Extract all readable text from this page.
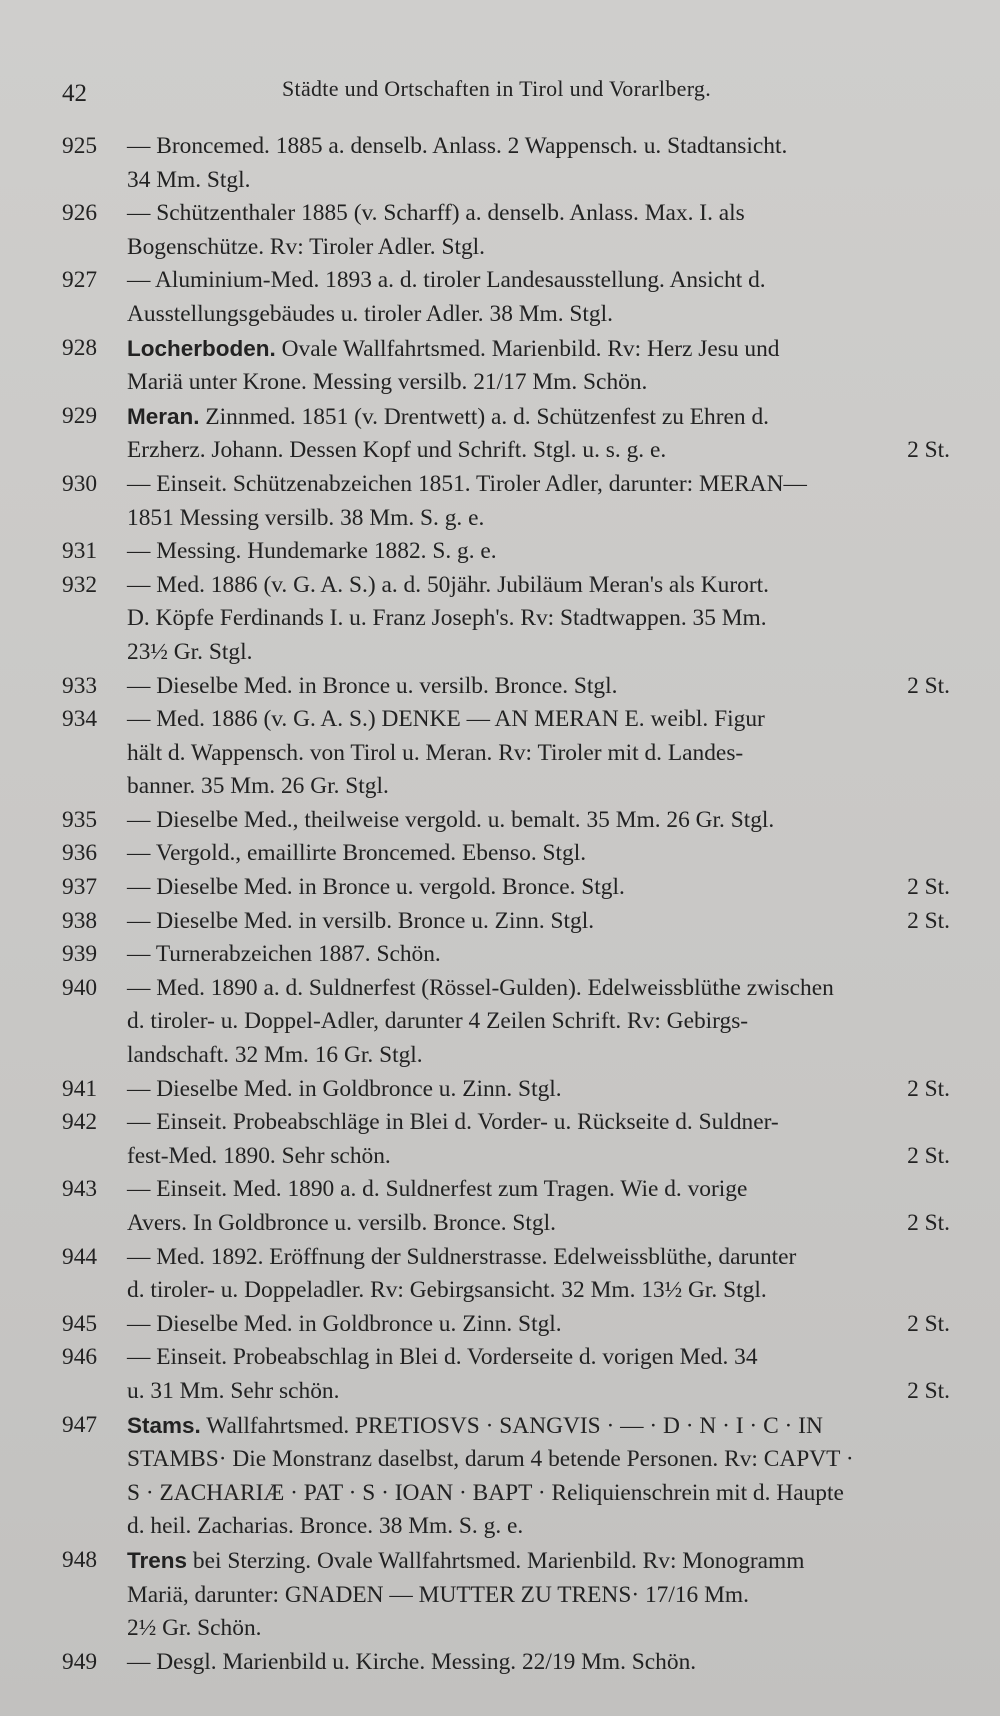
42	Städte und Ortschaften in Tirol und Vorarlberg.
925	— Broncemed. 1885 a. denselb. Anlass. 2 Wappensch. u. Stadtansicht.
34 Mm. Stgl.
926	— Schützenthaler 1885 (v. Scharff) a. denselb. Anlass. Max. I. als
Bogenschütze. Rv: Tiroler Adler. Stgl.
927	— Aluminium-Med. 1893 a. d. tiroler Landesausstellung. Ansicht d.
Ausstellungsgebäudes u. tiroler Adler. 38 Mm. Stgl.
928	Locherboden. Ovale Wallfahrtsmed. Marienbild. Rv: Herz Jesu und
Mariä unter Krone. Messing versilb. 21/17 Mm. Schön.
929	Meran. Zinnmed. 1851 (v. Drentwett) a. d. Schützenfest zu Ehren d.
Erzherz. Johann. Dessen Kopf und Schrift. Stgl. u. s. g. e.	2 St.
930	— Einseit. Schützenabzeichen 1851. Tiroler Adler, darunter: MERAN—
1851 Messing versilb. 38 Mm. S. g. e.
931	— Messing. Hundemarke 1882. S. g. e.
932	— Med. 1886 (v. G. A. S.) a. d. 50jähr. Jubiläum Meran's als Kurort.
D. Köpfe Ferdinands I. u. Franz Joseph's. Rv: Stadtwappen. 35 Mm.
23½ Gr. Stgl.
933	— Dieselbe Med. in Bronce u. versilb. Bronce. Stgl.	2 St.
934	— Med. 1886 (v. G. A. S.) DENKE — AN MERAN E. weibl. Figur
hält d. Wappensch. von Tirol u. Meran. Rv: Tiroler mit d. Landes-
banner. 35 Mm. 26 Gr. Stgl.
935	— Dieselbe Med., theilweise vergold. u. bemalt. 35 Mm. 26 Gr. Stgl.
936	— Vergold., emaillirte Broncemed. Ebenso. Stgl.
937	— Dieselbe Med. in Bronce u. vergold. Bronce. Stgl.	2 St.
938	— Dieselbe Med. in versilb. Bronce u. Zinn. Stgl.	2 St.
939	— Turnerabzeichen 1887. Schön.
940	— Med. 1890 a. d. Suldnerfest (Rössel-Gulden). Edelweissblüthe zwischen
d. tiroler- u. Doppel-Adler, darunter 4 Zeilen Schrift. Rv: Gebirgs-
landschaft. 32 Mm. 16 Gr. Stgl.
941	— Dieselbe Med. in Goldbronce u. Zinn. Stgl.	2 St.
942	— Einseit. Probeabschläge in Blei d. Vorder- u. Rückseite d. Suldner-
fest-Med. 1890. Sehr schön.	2 St.
943	— Einseit. Med. 1890 a. d. Suldnerfest zum Tragen. Wie d. vorige
Avers. In Goldbronce u. versilb. Bronce. Stgl.	2 St.
944	— Med. 1892. Eröffnung der Suldnerstrasse. Edelweissblüthe, darunter
d. tiroler- u. Doppeladler. Rv: Gebirgsansicht. 32 Mm. 13½ Gr. Stgl.
945	— Dieselbe Med. in Goldbronce u. Zinn. Stgl.	2 St.
946	— Einseit. Probeabschlag in Blei d. Vorderseite d. vorigen Med. 34
u. 31 Mm. Sehr schön.	2 St.
947	Stams. Wallfahrtsmed. PRETIOSVS · SANGVIS · — · D · N · I · C · IN
STAMBS· Die Monstranz daselbst, darum 4 betende Personen. Rv: CAPVT ·
S · ZACHARIÆ · PAT · S · IOAN · BAPT · Reliquienschrein mit d. Haupte
d. heil. Zacharias. Bronce. 38 Mm. S. g. e.
948	Trens bei Sterzing. Ovale Wallfahrtsmed. Marienbild. Rv: Monogramm
Mariä, darunter: GNADEN — MUTTER ZU TRENS· 17/16 Mm.
2½ Gr. Schön.
949	— Desgl. Marienbild u. Kirche. Messing. 22/19 Mm. Schön.
